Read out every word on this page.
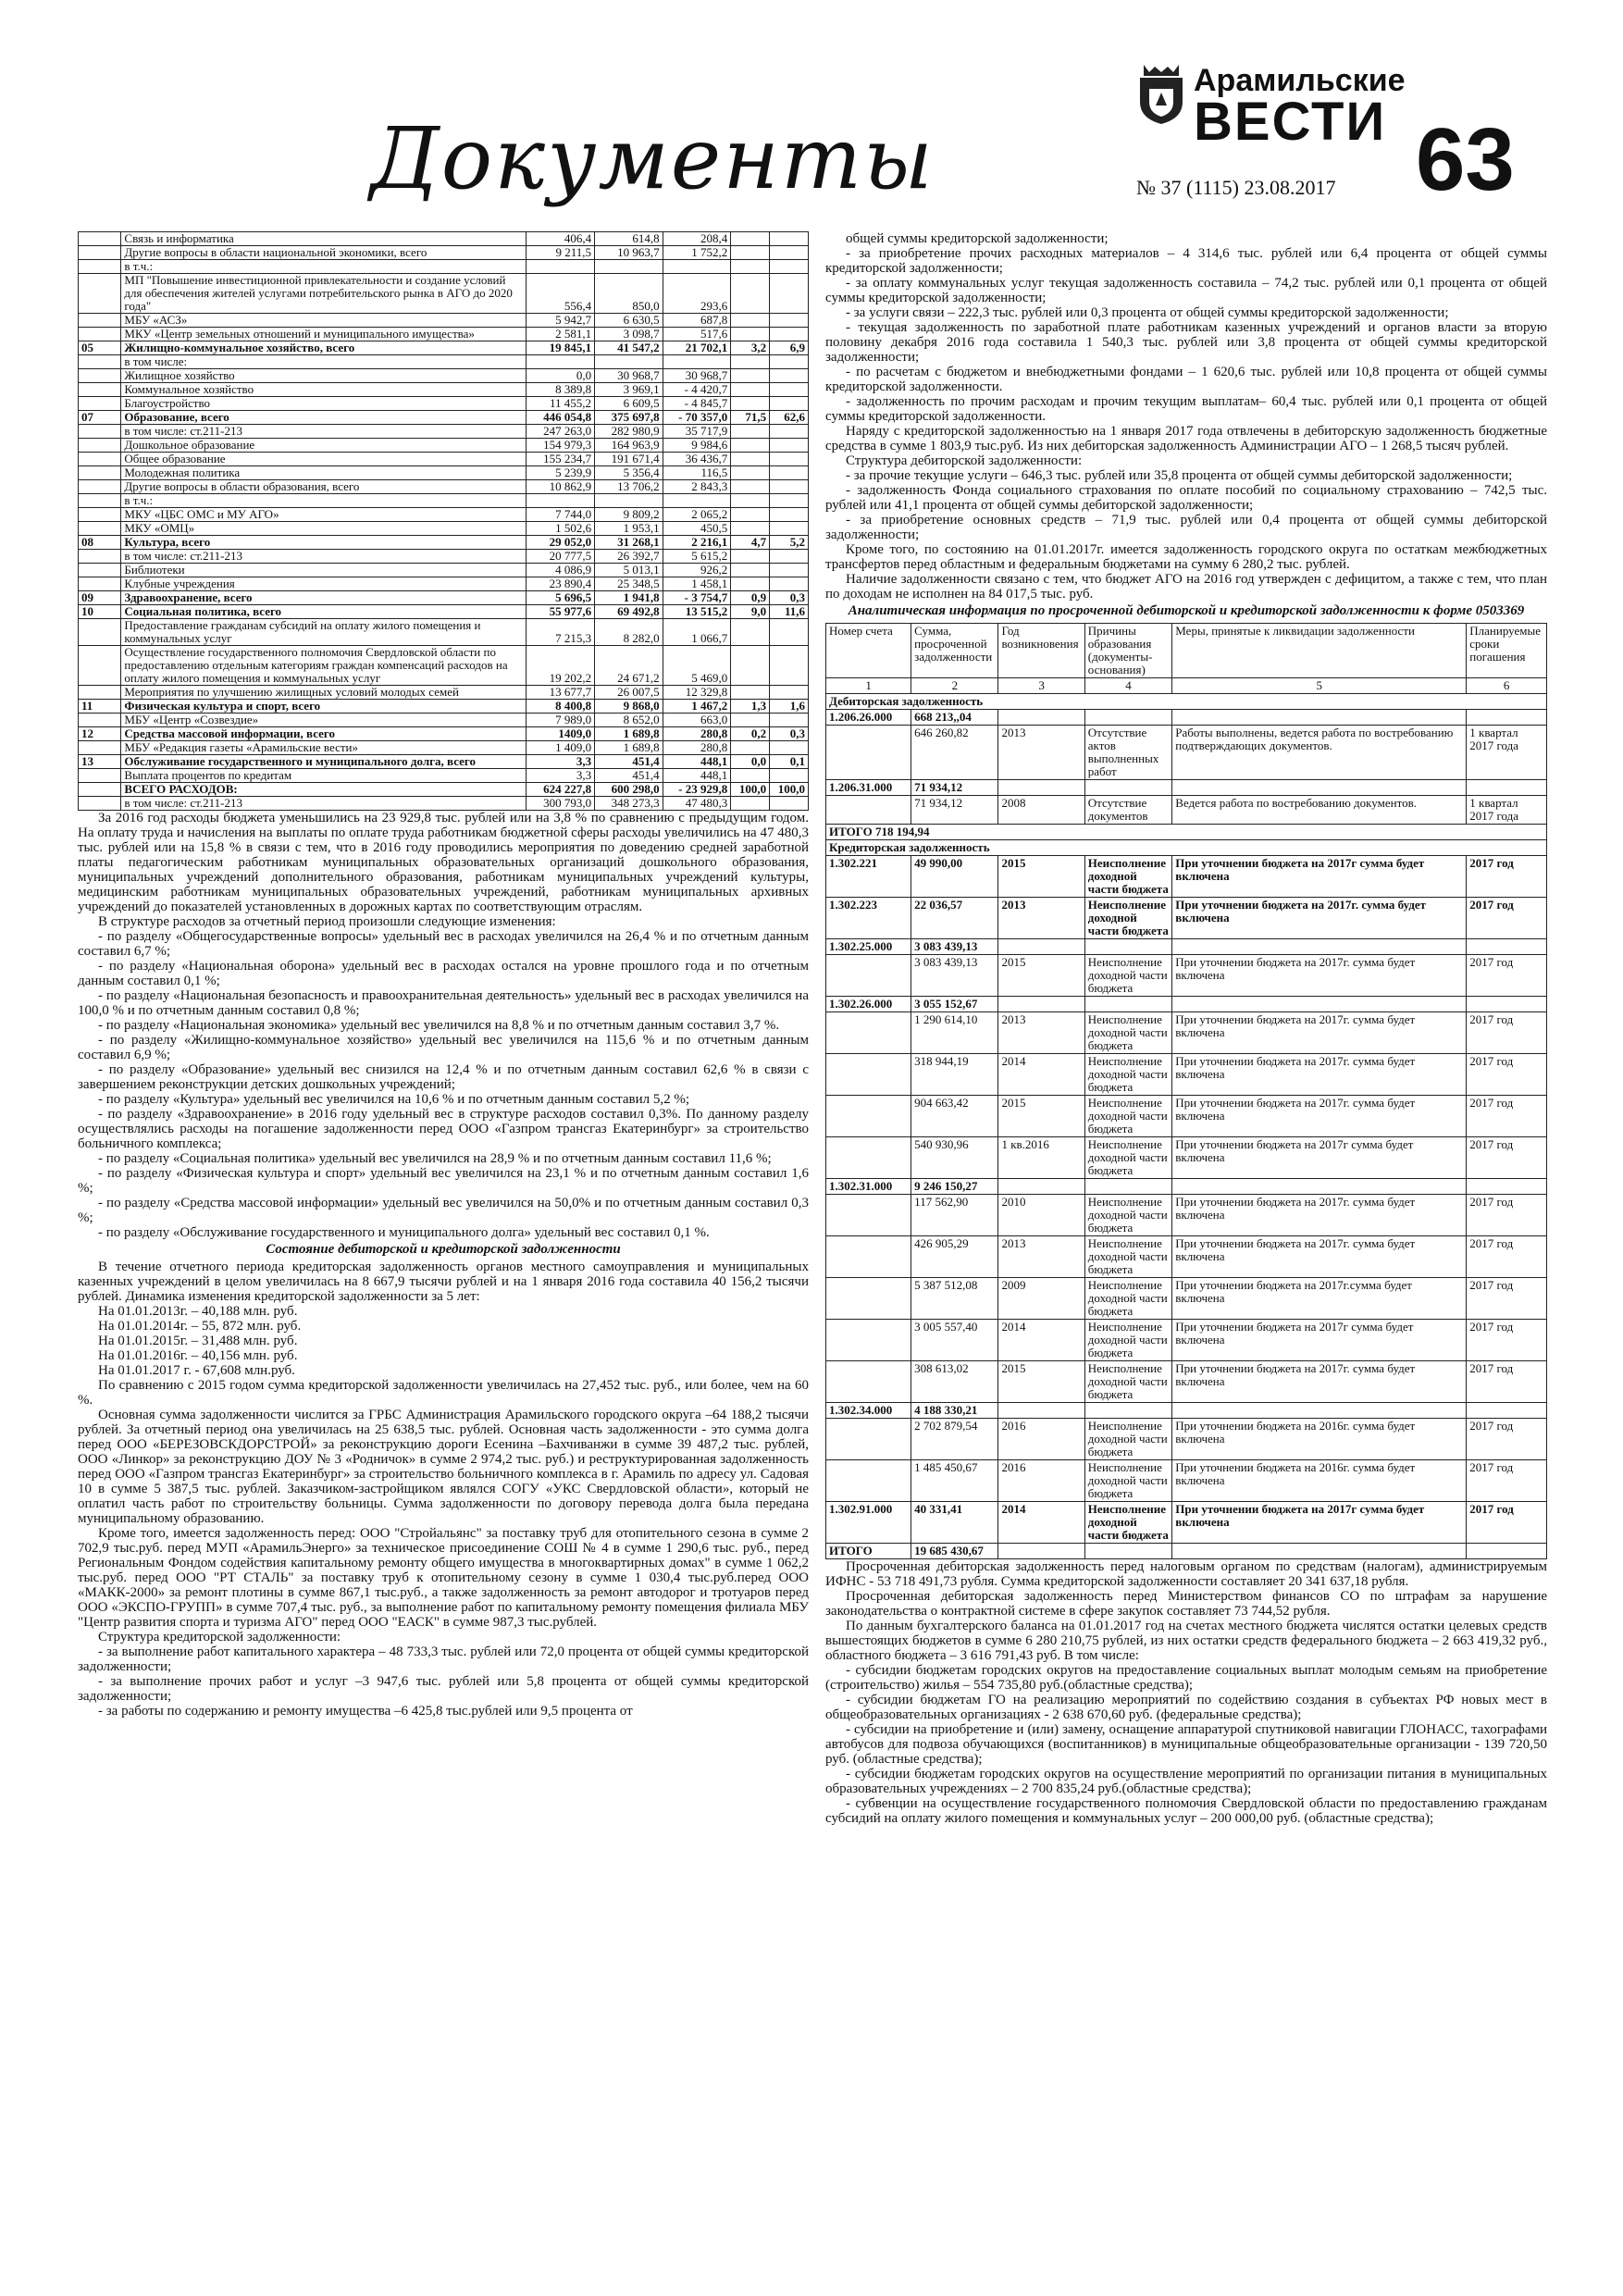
Документы
Арамильские
ВЕСТИ
№ 37 (1115) 23.08.2017 63
	Связь и информатика	406,4	614,8	208,4		
	Другие вопросы в области национальной экономики, всего	9 211,5	10 963,7	1 752,2		
	в т.ч.:					
	МП "Повышение инвестиционной привлекательности и создание условий для обеспечения жителей услугами потребительского рынка в АГО до 2020 года"	556,4	850,0	293,6		
	МБУ «АСЗ»	5 942,7	6 630,5	687,8		
	МКУ «Центр земельных отношений и муниципального имущества»	2 581,1	3 098,7	517,6		
05	Жилищно-коммунальное хозяйство, всего	19 845,1	41 547,2	21 702,1	3,2	6,9
	в том числе:					
	Жилищное хозяйство	0,0	30 968,7	30 968,7		
	Коммунальное хозяйство	8 389,8	3 969,1	- 4 420,7		
	Благоустройство	11 455,2	6 609,5	- 4 845,7		
07	Образование, всего	446 054,8	375 697,8	- 70 357,0	71,5	62,6
	в том числе: ст.211-213	247 263,0	282 980,9	35 717,9		
	Дошкольное образование	154 979,3	164 963,9	9 984,6		
	Общее образование	155 234,7	191 671,4	36 436,7		
	Молодежная политика	5 239,9	5 356,4	116,5		
	Другие вопросы в области образования, всего	10 862,9	13 706,2	2 843,3		
	в т.ч.:					
	МКУ «ЦБС ОМС и МУ АГО»	7 744,0	9 809,2	2 065,2		
	МКУ «ОМЦ»	1 502,6	1 953,1	450,5		
08	Культура, всего	29 052,0	31 268,1	2 216,1	4,7	5,2
	в том числе: ст.211-213	20 777,5	26 392,7	5 615,2		
	Библиотеки	4 086,9	5 013,1	926,2		
	Клубные учреждения	23 890,4	25 348,5	1 458,1		
09	Здравоохранение, всего	5 696,5	1 941,8	- 3 754,7	0,9	0,3
10	Социальная политика, всего	55 977,6	69 492,8	13 515,2	9,0	11,6
	Предоставление гражданам субсидий на оплату жилого помещения и коммунальных услуг	7 215,3	8 282,0	1 066,7		
	Осуществление государственного полномочия Свердловской области по предоставлению отдельным категориям граждан компенсаций расходов на оплату жилого помещения и коммунальных услуг	19 202,2	24 671,2	5 469,0		
	Мероприятия по улучшению жилищных условий молодых семей	13 677,7	26 007,5	12 329,8		
11	Физическая культура и спорт, всего	8 400,8	9 868,0	1 467,2	1,3	1,6
	МБУ «Центр «Созвездие»	7 989,0	8 652,0	663,0		
12	Средства массовой информации, всего	1409,0	1 689,8	280,8	0,2	0,3
	МБУ «Редакция газеты «Арамильские вести»	1 409,0	1 689,8	280,8		
13	Обслуживание государственного и муниципального долга, всего	3,3	451,4	448,1	0,0	0,1
	Выплата процентов по кредитам	3,3	451,4	448,1		
	ВСЕГО РАСХОДОВ:	624 227,8	600 298,0	- 23 929,8	100,0	100,0
	в том числе: ст.211-213	300 793,0	348 273,3	47 480,3		

За 2016 год расходы бюджета уменьшились на 23 929,8 тыс. рублей или на 3,8 % по сравнению с предыдущим годом. На оплату труда и начисления на выплаты по оплате труда работникам бюджетной сферы расходы увеличились на 47 480,3 тыс. рублей или на 15,8 % в связи с тем, что в 2016 году проводились мероприятия по доведению средней заработной платы педагогическим работникам муниципальных образовательных организаций дошкольного образования, муниципальных учреждений дополнительного образования, работникам муниципальных учреждений культуры, медицинским работникам муниципальных образовательных учреждений, работникам муниципальных архивных учреждений до показателей установленных в дорожных картах по соответствующим отраслям.

В структуре расходов за отчетный период произошли следующие изменения:

- по разделу «Общегосударственные вопросы» удельный вес в расходах увеличился на 26,4 % и по отчетным данным составил 6,7 %;

- по разделу «Национальная оборона» удельный вес в расходах остался на уровне прошлого года и по отчетным данным составил 0,1 %;

- по разделу «Национальная безопасность и правоохранительная деятельность» удельный вес в расходах увеличился на 100,0 % и по отчетным данным составил 0,8 %;

- по разделу «Национальная экономика» удельный вес увеличился на 8,8 % и по отчетным данным составил 3,7 %.

- по разделу «Жилищно-коммунальное хозяйство» удельный вес увеличился на 115,6 % и по отчетным данным составил 6,9 %;

- по разделу «Образование» удельный вес снизился на 12,4 % и по отчетным данным составил 62,6 % в связи с завершением реконструкции детских дошкольных учреждений;

- по разделу «Культура» удельный вес увеличился на 10,6 % и по отчетным данным составил 5,2 %;

- по разделу «Здравоохранение» в 2016 году удельный вес в структуре расходов составил 0,3%. По данному разделу осуществлялись расходы на погашение задолженности перед ООО «Газпром трансгаз Екатеринбург» за строительство больничного комплекса;

- по разделу «Социальная политика» удельный вес увеличился на 28,9 % и по отчетным данным составил 11,6 %;

- по разделу «Физическая культура и спорт» удельный вес увеличился на 23,1 % и по отчетным данным составил 1,6 %;

- по разделу «Средства массовой информации» удельный вес увеличился на 50,0% и по отчетным данным составил 0,3 %;

- по разделу «Обслуживание государственного и муниципального долга» удельный вес составил 0,1 %.

Состояние дебиторской и кредиторской задолженности

В течение отчетного периода кредиторская задолженность органов местного самоуправления и муниципальных казенных учреждений в целом увеличилась на 8 667,9 тысячи рублей и на 1 января 2016 года составила 40 156,2 тысячи рублей. Динамика изменения кредиторской задолженности за 5 лет:

На 01.01.2013г. – 40,188 млн. руб.

На 01.01.2014г. – 55, 872 млн. руб.

На 01.01.2015г. – 31,488 млн. руб.

На 01.01.2016г. – 40,156 млн. руб.

На 01.01.2017 г. - 67,608 млн.руб.

По сравнению с 2015 годом сумма кредиторской задолженности увеличилась на 27,452 тыс. руб., или более, чем на 60 %.

Основная сумма задолженности числится за ГРБС Администрация Арамильского городского округа –64 188,2 тысячи рублей. За отчетный период она увеличилась на 25 638,5 тыс. рублей. Основная часть задолженности - это сумма долга перед ООО «БЕРЕЗОВСКДОРСТРОЙ» за реконструкцию дороги Есенина –Бахчиванжи в сумме 39 487,2 тыс. рублей, ООО «Линкор» за реконструкцию ДОУ № 3 «Родничок» в сумме 2 974,2 тыс. руб.) и реструктурированная задолженность перед ООО «Газпром трансгаз Екатеринбург» за строительство больничного комплекса в г. Арамиль по адресу ул. Садовая 10 в сумме 5 387,5 тыс. рублей. Заказчиком-застройщиком являлся СОГУ «УКС Свердловской области», который не оплатил часть работ по строительству больницы. Сумма задолженности по договору перевода долга была передана муниципальному образованию.

Кроме того, имеется задолженность перед: ООО "Стройальянс" за поставку труб для отопительного сезона в сумме 2 702,9 тыс.руб. перед МУП «АрамильЭнерго» за техническое присоединение СОШ № 4 в сумме 1 290,6 тыс. руб., перед Региональным Фондом содействия капитальному ремонту общего имущества в многоквартирных домах" в сумме 1 062,2 тыс.руб. перед ООО "РТ СТАЛЬ" за поставку труб к отопительному сезону в сумме 1 030,4 тыс.руб.перед ООО «МАКК-2000» за ремонт плотины в сумме 867,1 тыс.руб., а также задолженность за ремонт автодорог и тротуаров перед ООО «ЭКСПО-ГРУПП» в сумме 707,4 тыс. руб., за выполнение работ по капитальному ремонту помещения филиала МБУ "Центр развития спорта и туризма АГО" перед ООО "ЕАСК" в сумме 987,3 тыс.рублей.

Структура кредиторской задолженности:

- за выполнение работ капитального характера – 48 733,3 тыс. рублей или 72,0 процента от общей суммы кредиторской задолженности;

- за выполнение прочих работ и услуг –3 947,6 тыс. рублей или 5,8 процента от общей суммы кредиторской задолженности;

- за работы по содержанию и ремонту имущества –6 425,8 тыс.рублей или 9,5 процента от

общей суммы кредиторской задолженности;

- за приобретение прочих расходных материалов – 4 314,6 тыс. рублей или 6,4 процента от общей суммы кредиторской задолженности;

- за оплату коммунальных услуг текущая задолженность составила – 74,2 тыс. рублей или 0,1 процента от общей суммы кредиторской задолженности;

- за услуги связи – 222,3 тыс. рублей или 0,3 процента от общей суммы кредиторской задолженности;

- текущая задолженность по заработной плате работникам казенных учреждений и органов власти за вторую половину декабря 2016 года составила 1 540,3 тыс. рублей или 3,8 процента от общей суммы кредиторской задолженности;

- по расчетам с бюджетом и внебюджетными фондами – 1 620,6 тыс. рублей или 10,8 процента от общей суммы кредиторской задолженности.

- задолженность по прочим расходам и прочим текущим выплатам– 60,4 тыс. рублей или 0,1 процента от общей суммы кредиторской задолженности.

Наряду с кредиторской задолженностью на 1 января 2017 года отвлечены в дебиторскую задолженность бюджетные средства в сумме 1 803,9 тыс.руб. Из них дебиторская задолженность Администрации АГО – 1 268,5 тысяч рублей.

Структура дебиторской задолженности:

- за прочие текущие услуги – 646,3 тыс. рублей или 35,8 процента от общей суммы дебиторской задолженности;

- задолженность Фонда социального страхования по оплате пособий по социальному страхованию – 742,5 тыс. рублей или 41,1 процента от общей суммы дебиторской задолженности;

- за приобретение основных средств – 71,9 тыс. рублей или 0,4 процента от общей суммы дебиторской задолженности;

Кроме того, по состоянию на 01.01.2017г. имеется задолженность городского округа по остаткам межбюджетных трансфертов перед областным и федеральным бюджетами на сумму 6 280,2 тыс. рублей.

Наличие задолженности связано с тем, что бюджет АГО на 2016 год утвержден с дефицитом, а также с тем, что план по доходам не исполнен на 84 017,5 тыс. руб.

Аналитическая информация по просроченной дебиторской и кредиторской задолженности к форме 0503369
Номер счета	Сумма, просроченной задолженности	Год возникновения	Причины образования (документы-основания)	Меры, принятые к ликвидации задолженности	Планируемые сроки погашения
1	2	3	4	5	6
Дебиторская задолженность					
1.206.26.000	668 213,,04				
	646 260,82	2013	Отсутствие актов выполненных работ	Работы выполнены, ведется работа по востребованию подтверждающих документов.	1 квартал 2017 года
1.206.31.000	71 934,12				
	71 934,12	2008	Отсутствие документов	Ведется работа по востребованию документов.	1 квартал 2017 года
ИТОГО 718 194,94					
Кредиторская задолженность					
1.302.221	49 990,00	2015	Неисполнение доходной части бюджета	При уточнении бюджета на 2017г сумма будет включена	2017 год
1.302.223	22 036,57	2013	Неисполнение доходной части бюджета	При уточнении бюджета на 2017г. сумма будет включена	2017 год
1.302.25.000	3 083 439,13				
	3 083 439,13	2015	Неисполнение доходной части бюджета	При уточнении бюджета на 2017г. сумма будет включена	2017 год
1.302.26.000	3 055 152,67				
	1 290 614,10	2013	Неисполнение доходной части бюджета	При уточнении бюджета на 2017г. сумма будет включена	2017 год
	318 944,19	2014	Неисполнение доходной части бюджета	При уточнении бюджета на 2017г. сумма будет включена	2017 год
	904 663,42	2015	Неисполнение доходной части бюджета	При уточнении бюджета на 2017г. сумма будет включена	2017 год
	540 930,96	1 кв.2016	Неисполнение доходной части бюджета	При уточнении бюджета на 2017г сумма будет включена	2017 год
1.302.31.000	9 246 150,27				
	117 562,90	2010	Неисполнение доходной части бюджета	При уточнении бюджета на 2017г. сумма будет включена	2017 год
	426 905,29	2013	Неисполнение доходной части бюджета	При уточнении бюджета на 2017г. сумма будет включена	2017 год
	5 387 512,08	2009	Неисполнение доходной части бюджета	При уточнении бюджета на 2017г.сумма будет включена	2017 год
	3 005 557,40	2014	Неисполнение доходной части бюджета	При уточнении бюджета на 2017г сумма будет включена	2017 год
	308 613,02	2015	Неисполнение доходной части бюджета	При уточнении бюджета на 2017г. сумма будет включена	2017 год
1.302.34.000	4 188 330,21				
	2 702 879,54	2016	Неисполнение доходной части бюджета	При уточнении бюджета на 2016г. сумма будет включена	2017 год
	1 485 450,67	2016	Неисполнение доходной части бюджета	При уточнении бюджета на 2016г. сумма будет включена	2017 год
1.302.91.000	40 331,41	2014	Неисполнение доходной части бюджета	При уточнении бюджета на 2017г сумма будет включена	2017 год
ИТОГО	19 685 430,67				

Просроченная дебиторская задолженность перед налоговым органом по средствам (налогам), администрируемым ИФНС - 53 718 491,73 рубля. Сумма кредиторской задолженности составляет 20 341 637,18 рубля.

Просроченная дебиторская задолженность перед Министерством финансов СО по штрафам за нарушение законодательства о контрактной системе в сфере закупок составляет 73 744,52 рубля.

По данным бухгалтерского баланса на 01.01.2017 год на счетах местного бюджета числятся остатки целевых средств вышестоящих бюджетов в сумме 6 280 210,75 рублей, из них остатки средств федерального бюджета – 2 663 419,32 руб., областного бюджета – 3 616 791,43 руб. В том числе:

- субсидии бюджетам городских округов на предоставление социальных выплат молодым семьям на приобретение (строительство) жилья – 554 735,80 руб.(областные средства);

- субсидии бюджетам ГО на реализацию мероприятий по содействию создания в субъектах РФ новых мест в общеобразовательных организациях - 2 638 670,60 руб. (федеральные средства);

- субсидии на приобретение и (или) замену, оснащение аппаратурой спутниковой навигации ГЛОНАСС, тахографами автобусов для подвоза обучающихся (воспитанников) в муниципальные общеобразовательные организации - 139 720,50 руб. (областные средства);

- субсидии бюджетам городских округов на осуществление мероприятий по организации питания в муниципальных образовательных учреждениях – 2 700 835,24 руб.(областные средства);

- субвенции на осуществление государственного полномочия Свердловской области по предоставлению гражданам субсидий на оплату жилого помещения и коммунальных услуг – 200 000,00 руб. (областные средства);
